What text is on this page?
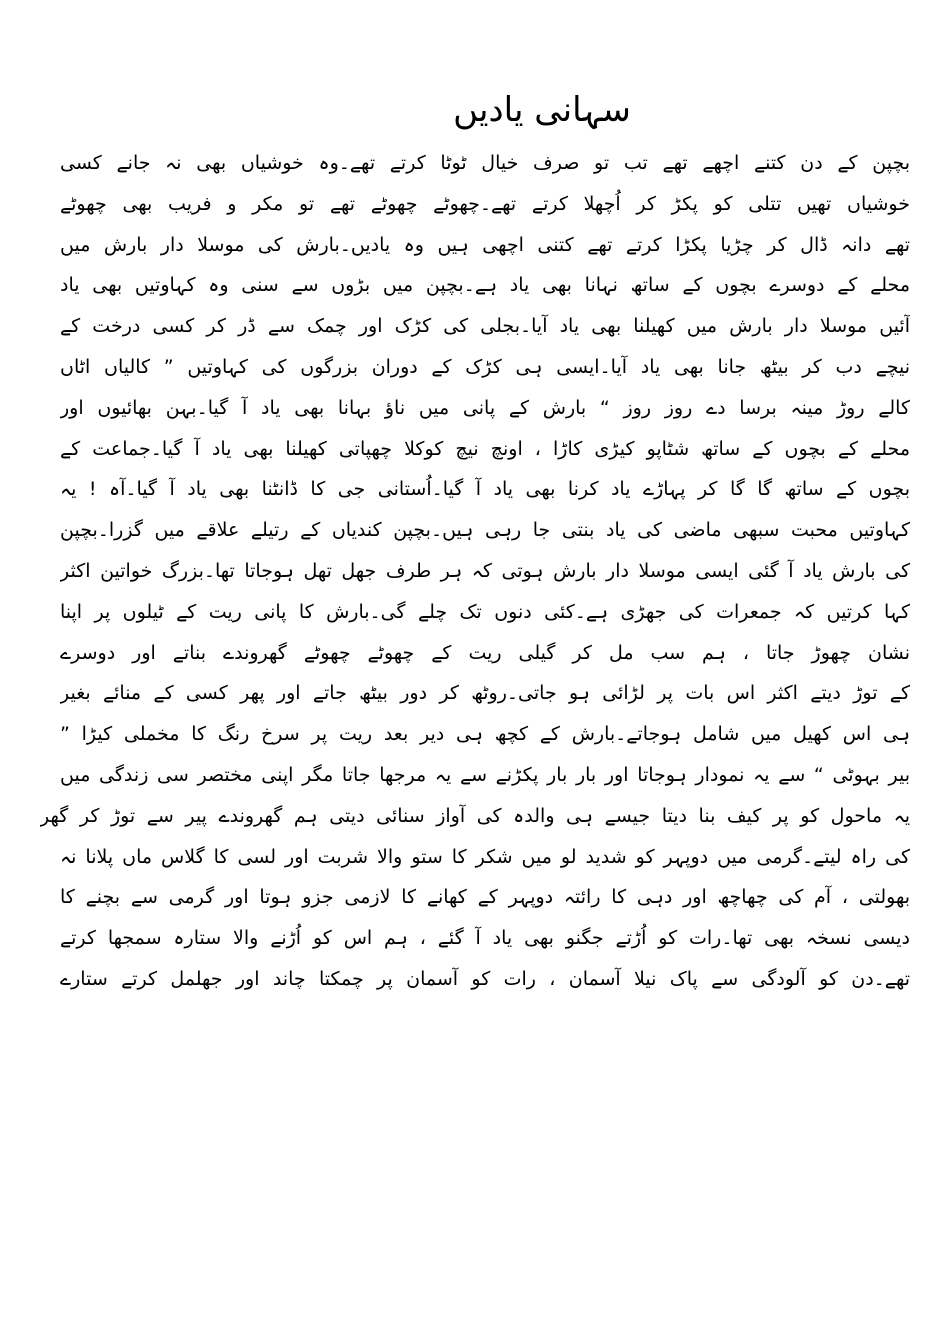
سہانی یادیں
بچپن کے دن کتنے اچھے تھے تب تو صرف خیال ٹوٹا کرتے تھے۔وہ خوشیاں بھی نہ جانے کسی
خوشیاں تھیں تتلی کو پکڑ کر اُچھلا کرتے تھے۔چھوٹے چھوٹے تھے تو مکر و فریب بھی چھوٹے
تھے دانہ ڈال کر چڑیا پکڑا کرتے تھے کتنی اچھی ہیں وہ یادیں۔بارش کی موسلا دار بارش میں
محلے کے دوسرے بچوں کے ساتھ نہانا بھی یاد ہے۔بچپن میں بڑوں سے سنی وہ کہاوتیں بھی یاد
آئیں موسلا دار بارش میں کھیلنا بھی یاد آیا۔بجلی کی کڑک اور چمک سے ڈر کر کسی درخت کے
نیچے دب کر بیٹھ جانا بھی یاد آیا۔ایسی ہی کڑک کے دوران بزرگوں کی کہاوتیں ” کالیاں اٹاں
کالے روڑ مینہ برسا دے روز روز “ بارش کے پانی میں ناؤ بہانا بھی یاد آ گیا۔بہن بھائیوں اور
محلے کے بچوں کے ساتھ شٹاپو کیڑی کاڑا ، اونچ نیچ کوکلا چھپاتی کھیلنا بھی یاد آ گیا۔جماعت کے
بچوں کے ساتھ گا گا کر پہاڑے یاد کرنا بھی یاد آ گیا۔اُستانی جی کا ڈانٹنا بھی یاد آ گیا۔آہ ! یہ
کہاوتیں محبت سبھی ماضی کی یاد بنتی جا رہی ہیں۔بچپن کندیاں کے رتیلے علاقے میں گزرا۔بچپن
کی بارش یاد آ گئی ایسی موسلا دار بارش ہوتی کہ ہر طرف جھل تھل ہوجاتا تھا۔بزرگ خواتین اکثر
کہا کرتیں کہ جمعرات کی جھڑی ہے۔کئی دنوں تک چلے گی۔بارش کا پانی ریت کے ٹیلوں پر اپنا
نشان چھوڑ جاتا ، ہم سب مل کر گیلی ریت کے چھوٹے چھوٹے گھروندے بناتے اور دوسرے
کے توڑ دیتے اکثر اس بات پر لڑائی ہو جاتی۔روٹھ کر دور بیٹھ جاتے اور پھر کسی کے منائے بغیر
ہی اس کھیل میں شامل ہوجاتے۔بارش کے کچھ ہی دیر بعد ریت پر سرخ رنگ کا مخملی کیڑا ”
بیر بہوٹی “ سے یہ نمودار ہوجاتا اور بار بار پکڑنے سے یہ مرجھا جاتا مگر اپنی مختصر سی زندگی میں
یہ ماحول کو پر کیف بنا دیتا جیسے ہی والدہ کی آواز سنائی دیتی ہم گھروندے پیر سے توڑ کر گھر
کی راہ لیتے۔گرمی میں دوپہر کو شدید لو میں شکر کا ستو والا شربت اور لسی کا گلاس ماں پلانا نہ
بھولتی ، آم کی چھاچھ اور دہی کا رائتہ دوپہر کے کھانے کا لازمی جزو ہوتا اور گرمی سے بچنے کا
دیسی نسخہ بھی تھا۔رات کو اُڑتے جگنو بھی یاد آ گئے ، ہم اس کو اُڑنے والا ستارہ سمجھا کرتے
تھے۔دن کو آلودگی سے پاک نیلا آسمان ، رات کو آسمان پر چمکتا چاند اور جھلمل کرتے ستارے
